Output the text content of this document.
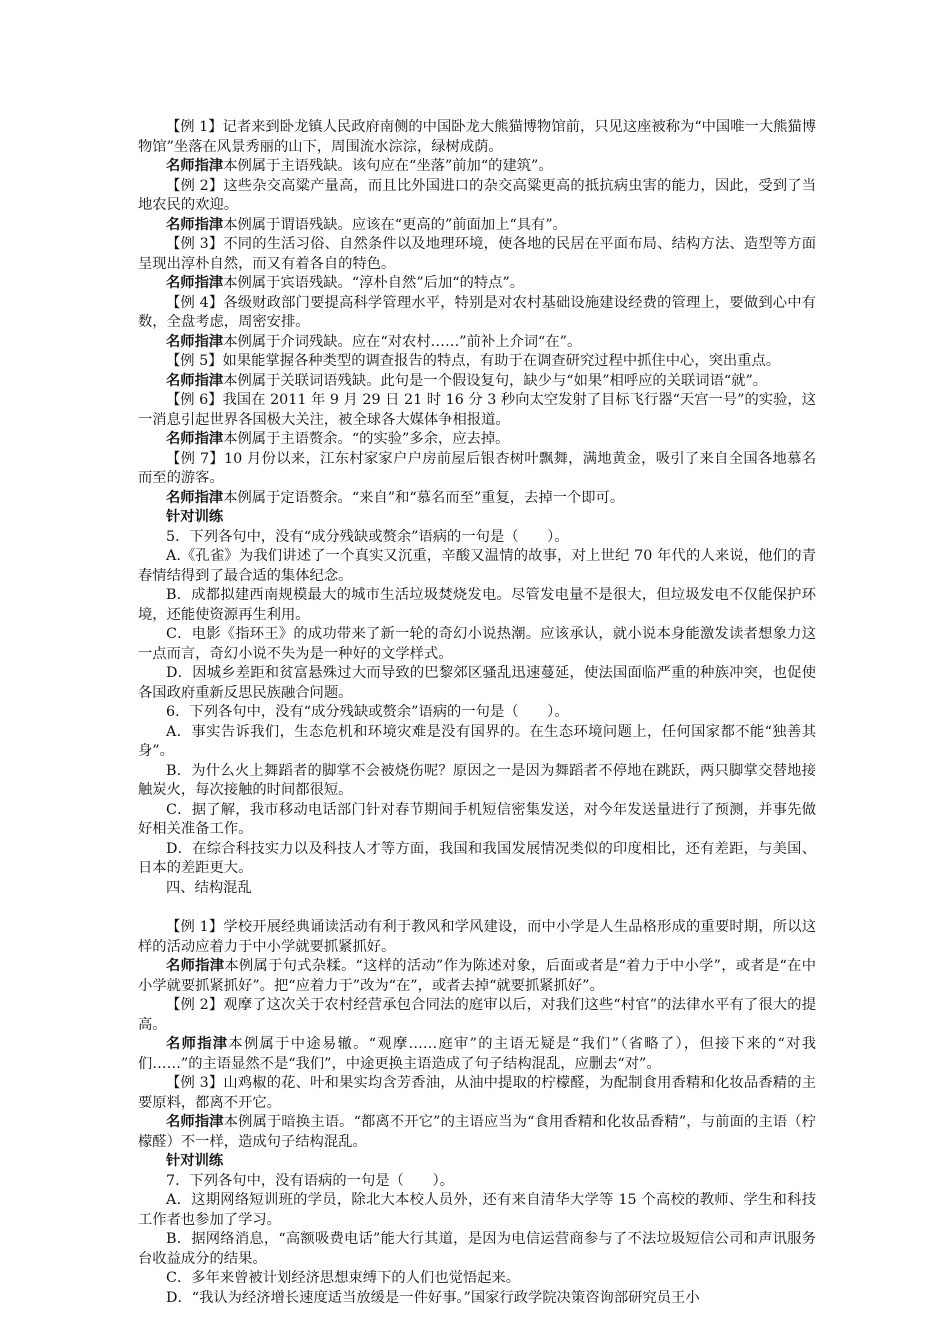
【例 1】记者来到卧龙镇人民政府南侧的中国卧龙大熊猫博物馆前，只见这座被称为“中国唯一大熊猫博物馆”坐落在风景秀丽的山下，周围流水淙淙，绿树成荫。

名师指津本例属于主语残缺。该句应在“坐落”前加“的建筑”。

【例 2】这些杂交高粱产量高，而且比外国进口的杂交高粱更高的抵抗病虫害的能力，因此，受到了当地农民的欢迎。

名师指津本例属于谓语残缺。应该在“更高的”前面加上“具有”。

【例 3】不同的生活习俗、自然条件以及地理环境，使各地的民居在平面布局、结构方法、造型等方面呈现出淳朴自然，而又有着各自的特色。

名师指津本例属于宾语残缺。“淳朴自然”后加“的特点”。

【例 4】各级财政部门要提高科学管理水平，特别是对农村基础设施建设经费的管理上，要做到心中有数，全盘考虑，周密安排。

名师指津本例属于介词残缺。应在“对农村……”前补上介词“在”。

【例 5】如果能掌握各种类型的调查报告的特点，有助于在调查研究过程中抓住中心，突出重点。

名师指津本例属于关联词语残缺。此句是一个假设复句，缺少与“如果”相呼应的关联词语“就”。

【例 6】我国在 2011 年 9 月 29 日 21 时 16 分 3 秒向太空发射了目标飞行器“天宫一号”的实验，这一消息引起世界各国极大关注，被全球各大媒体争相报道。

名师指津本例属于主语赘余。“的实验”多余，应去掉。

【例 7】10 月份以来，江东村家家户户房前屋后银杏树叶飘舞，满地黄金，吸引了来自全国各地慕名而至的游客。

名师指津本例属于定语赘余。“来自”和“慕名而至”重复，去掉一个即可。

针对训练

5．下列各句中，没有“成分残缺或赘余”语病的一句是（　　）。

A.《孔雀》为我们讲述了一个真实又沉重，辛酸又温情的故事，对上世纪 70 年代的人来说，他们的青春情结得到了最合适的集体纪念。

B．成都拟建西南规模最大的城市生活垃圾焚烧发电。尽管发电量不是很大，但垃圾发电不仅能保护环境，还能使资源再生利用。

C．电影《指环王》的成功带来了新一轮的奇幻小说热潮。应该承认，就小说本身能激发读者想象力这一点而言，奇幻小说不失为是一种好的文学样式。

D．因城乡差距和贫富悬殊过大而导致的巴黎郊区骚乱迅速蔓延，使法国面临严重的种族冲突，也促使各国政府重新反思民族融合问题。

6．下列各句中，没有“成分残缺或赘余”语病的一句是（　　）。

A．事实告诉我们，生态危机和环境灾难是没有国界的。在生态环境问题上，任何国家都不能“独善其身”。

B．为什么火上舞蹈者的脚掌不会被烧伤呢？原因之一是因为舞蹈者不停地在跳跃，两只脚掌交替地接触炭火，每次接触的时间都很短。

C．据了解，我市移动电话部门针对春节期间手机短信密集发送，对今年发送量进行了预测，并事先做好相关准备工作。

D．在综合科技实力以及科技人才等方面，我国和我国发展情况类似的印度相比，还有差距，与美国、日本的差距更大。

四、结构混乱

【例 1】学校开展经典诵读活动有利于教风和学风建设，而中小学是人生品格形成的重要时期，所以这样的活动应着力于中小学就要抓紧抓好。

名师指津本例属于句式杂糅。“这样的活动”作为陈述对象，后面或者是“着力于中小学”，或者是“在中小学就要抓紧抓好”。把“应着力于”改为“在”，或者去掉“就要抓紧抓好”。

【例 2】观摩了这次关于农村经营承包合同法的庭审以后，对我们这些“村官”的法律水平有了很大的提高。

名师指津本例属于中途易辙。“观摩……庭审”的主语无疑是“我们”（省略了），但接下来的“对我们……”的主语显然不是“我们”，中途更换主语造成了句子结构混乱，应删去“对”。

【例 3】山鸡椒的花、叶和果实均含芳香油，从油中提取的柠檬醛，为配制食用香精和化妆品香精的主要原料，都离不开它。

名师指津本例属于暗换主语。“都离不开它”的主语应当为“食用香精和化妆品香精”，与前面的主语（柠檬醛）不一样，造成句子结构混乱。

针对训练

7．下列各句中，没有语病的一句是（　　）。

A．这期网络短训班的学员，除北大本校人员外，还有来自清华大学等 15 个高校的教师、学生和科技工作者也参加了学习。

B．据网络消息，“高额吸费电话”能大行其道，是因为电信运营商参与了不法垃圾短信公司和声讯服务台收益成分的结果。

C．多年来曾被计划经济思想束缚下的人们也觉悟起来。

D．“我认为经济增长速度适当放缓是一件好事。”国家行政学院决策咨询部研究员王小
